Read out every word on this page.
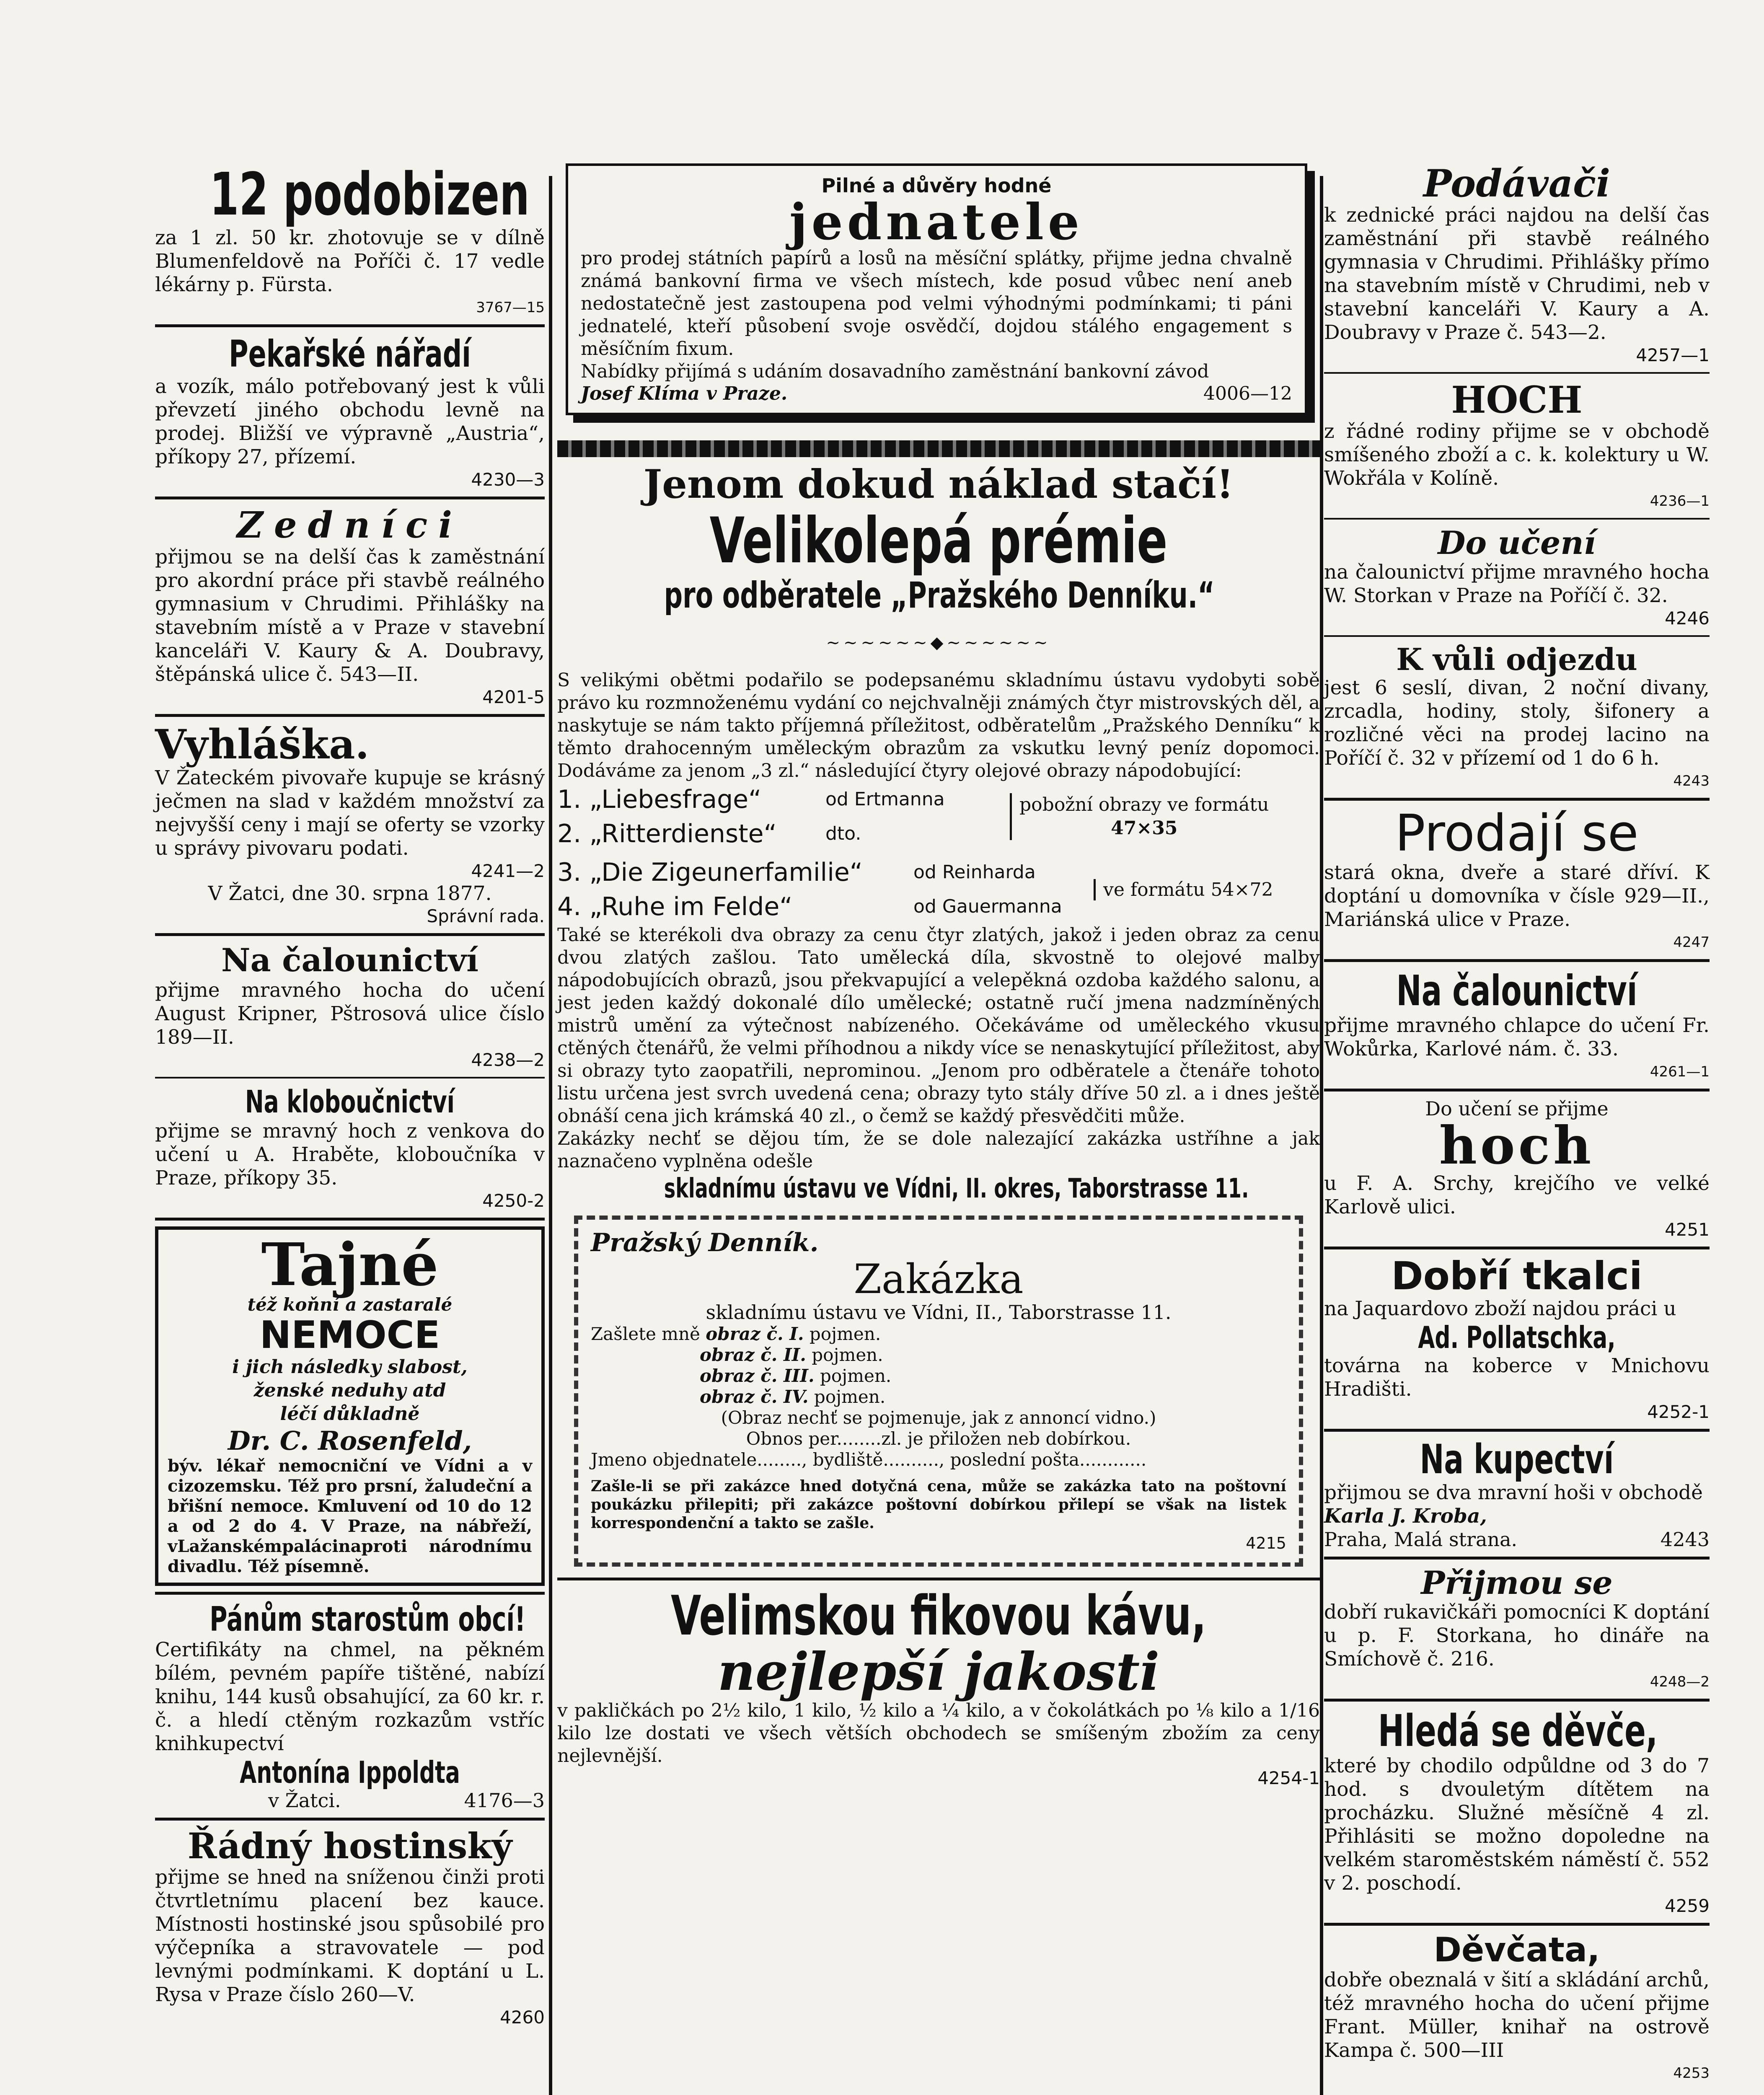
12 podobizen

za 1 zl. 50 kr. zhotovuje se v dílně Blumenfeldově na Poříči č. 17 vedle lékárny p. Fürsta.

3767—15

Pekařské nářadí

a vozík, málo potřebovaný jest k vůli převzetí jiného obchodu levně na prodej. Bližší ve výpravně „Austria“, příkopy 27, přízemí.

4230—3

Zedníci

přijmou se na delší čas k zaměstnání pro akordní práce při stavbě reálného gymnasium v Chrudimi. Přihlášky na stavebním místě a v Praze v stavební kanceláři V. Kaury & A. Doubravy, štěpánská ulice č. 543—II.

4201-5

Vyhláška.

V Žateckém pivovaře kupuje se krásný ječmen na slad v každém množství za nejvyšší ceny i mají se oferty se vzorky u správy pivovaru podati.

4241—2

V Žatci, dne 30. srpna 1877.

Správní rada.

Na čalounictví

přijme mravného hocha do učení August Kripner, Pštrosová ulice číslo 189—II.

4238—2

Na kloboučnictví

přijme se mravný hoch z venkova do učení u A. Hraběte, kloboučníka v Praze, příkopy 35.

4250-2

Tajné

též koňní a zastaralé

NEMOCE

i jich následky slabost,

ženské neduhy atd

léčí důkladně

Dr. C. Rosenfeld,

býv. lékař nemocniční ve Vídni a v cizozemsku. Též pro prsní, žaludeční a břišní nemoce. Kmluvení od 10 do 12 a od 2 do 4. V Praze, na nábřeží, vLažanskémpalácinaproti národnímu divadlu. Též písemně.

Pánům starostům obcí!

Certifikáty na chmel, na pěkném bílém, pevném papíře tištěné, nabízí knihu, 144 kusů obsahující, za 60 kr. r. č. a hledí ctěným rozkazům vstříc knihkupectví

Antonína Ippoldta

v Žatci.	4176—3

Řádný hostinský

přijme se hned na sníženou činži proti čtvrtletnímu placení bez kauce. Místnosti hostinské jsou spůsobilé pro výčepníka a stravovatele — pod levnými podmínkami. K doptání u L. Rysa v Praze číslo 260—V.

4260

Pilné a důvěry hodné

jednatele

pro prodej státních papírů a losů na měsíční splátky, přijme jedna chvalně známá bankovní firma ve všech místech, kde posud vůbec není aneb nedostatečně jest zastoupena pod velmi výhodnými podmínkami; ti páni jednatelé, kteří působení svoje osvědčí, dojdou stálého engagement s měsíčním fixum.

Nabídky přijímá s udáním dosavadního zaměstnání bankovní závod

Josef Klíma v Praze.	4006—12

Jenom dokud náklad stačí!

Velikolepá prémie

pro odběratele „Pražského Denníku.“

~~~~~~◆~~~~~~

S velikými obětmi podařilo se podepsanému skladnímu ústavu vydobyti sobě právo ku rozmnoženému vydání co nejchvalněji známých čtyr mistrovských děl, a naskytuje se nám takto příjemná příležitost, odběratelům „Pražského Denníku“ k těmto drahocenným uměleckým obrazům za vskutku levný peníz dopomoci. Dodáváme za jenom „3 zl.“ následující čtyry olejové obrazy nápodobující:

1. „Liebesfrage“	od Ertmanna
2. „Ritterdienste“	dto.
pobožní obrazy ve formátu
47×35
3. „Die Zigeunerfamilie“	od Reinharda
4. „Ruhe im Felde“	od Gauermanna
ve formátu 54×72

Také se kterékoli dva obrazy za cenu čtyr zlatých, jakož i jeden obraz za cenu dvou zlatých zašlou. Tato umělecká díla, skvostně to olejové malby nápodobujících obrazů, jsou překvapující a velepěkná ozdoba každého salonu, a jest jeden každý dokonalé dílo umělecké; ostatně ručí jmena nadzmíněných mistrů umění za výtečnost nabízeného. Očekáváme od uměleckého vkusu ctěných čtenářů, že velmi příhodnou a nikdy více se nenaskytující příležitost, aby si obrazy tyto zaopatřili, neprominou. „Jenom pro odběratele a čtenáře tohoto listu určena jest svrch uvedená cena; obrazy tyto stály dříve 50 zl. a i dnes ještě obnáší cena jich krámská 40 zl., o čemž se každý přesvědčiti může.

Zakázky nechť se dějou tím, že se dole nalezající zakázka ustříhne a jak naznačeno vyplněna odešle

skladnímu ústavu ve Vídni, II. okres, Taborstrasse 11.

Pražský Denník.

Zakázka

skladnímu ústavu ve Vídni, II., Taborstrasse 11.

Zašlete mně obraz č. I. pojmen.
obraz č. II. pojmen.
obraz č. III. pojmen.
obraz č. IV. pojmen.
(Obraz nechť se pojmenuje, jak z annoncí vidno.)
Obnos per........zl. je přiložen neb dobírkou.
Jmeno objednatele........, bydliště.........., poslední pošta............

Zašle-li se při zakázce hned dotyčná cena, může se zakázka tato na poštovní poukázku přilepiti; při zakázce poštovní dobírkou přilepí se však na listek korrespondenční a takto se zašle.

4215

Velimskou fikovou kávu,

nejlepší jakosti

v pakličkách po 2½ kilo, 1 kilo, ½ kilo a ¼ kilo, a v čokolátkách po ⅛ kilo a 1/16 kilo lze dostati ve všech větších obchodech se smíšeným zbožím za ceny nejlevnější.

4254-1

Podávači

k zednické práci najdou na delší čas zaměstnání při stavbě reálného gymnasia v Chrudimi. Přihlášky přímo na stavebním místě v Chrudimi, neb v stavební kanceláři V. Kaury a A. Doubravy v Praze č. 543—2.

4257—1

HOCH

z řádné rodiny přijme se v obchodě smíšeného zboží a c. k. kolektury u W. Wokřála v Kolíně.

4236—1

Do učení

na čalounictví přijme mravného hocha W. Storkan v Praze na Poříčí č. 32.

4246

K vůli odjezdu

jest 6 seslí, divan, 2 noční divany, zrcadla, hodiny, stoly, šifonery a rozličné věci na prodej lacino na Poříčí č. 32 v přízemí od 1 do 6 h.

4243

Prodají se

stará okna, dveře a staré dříví. K doptání u domovníka v čísle 929—II., Mariánská ulice v Praze.

4247

Na čalounictví

přijme mravného chlapce do učení Fr. Wokůrka, Karlové nám. č. 33.

4261—1

Do učení se přijme

hoch

u F. A. Srchy, krejčího ve velké Karlově ulici.

4251

Dobří tkalci

na Jaquardovo zboží najdou práci u

Ad. Pollatschka,

továrna na koberce v Mnichovu Hradišti.

4252-1

Na kupectví

přijmou se dva mravní hoši v obchodě

Karla J. Kroba,

Praha, Malá strana.	4243

Přijmou se

dobří rukavičkáři pomocníci K doptání u p. F. Storkana, ho dináře na Smíchově č. 216.

4248—2

Hledá se děvče,

které by chodilo odpůldne od 3 do 7 hod. s dvouletým dítětem na procházku. Služné měsíčně 4 zl. Přihlásiti se možno dopoledne na velkém staroměstském náměstí č. 552 v 2. poschodí.

4259

Děvčata,

dobře obeznalá v šití a skládání archů, též mravného hocha do učení přijme Frant. Müller, knihař na ostrově Kampa č. 500—III

4253
